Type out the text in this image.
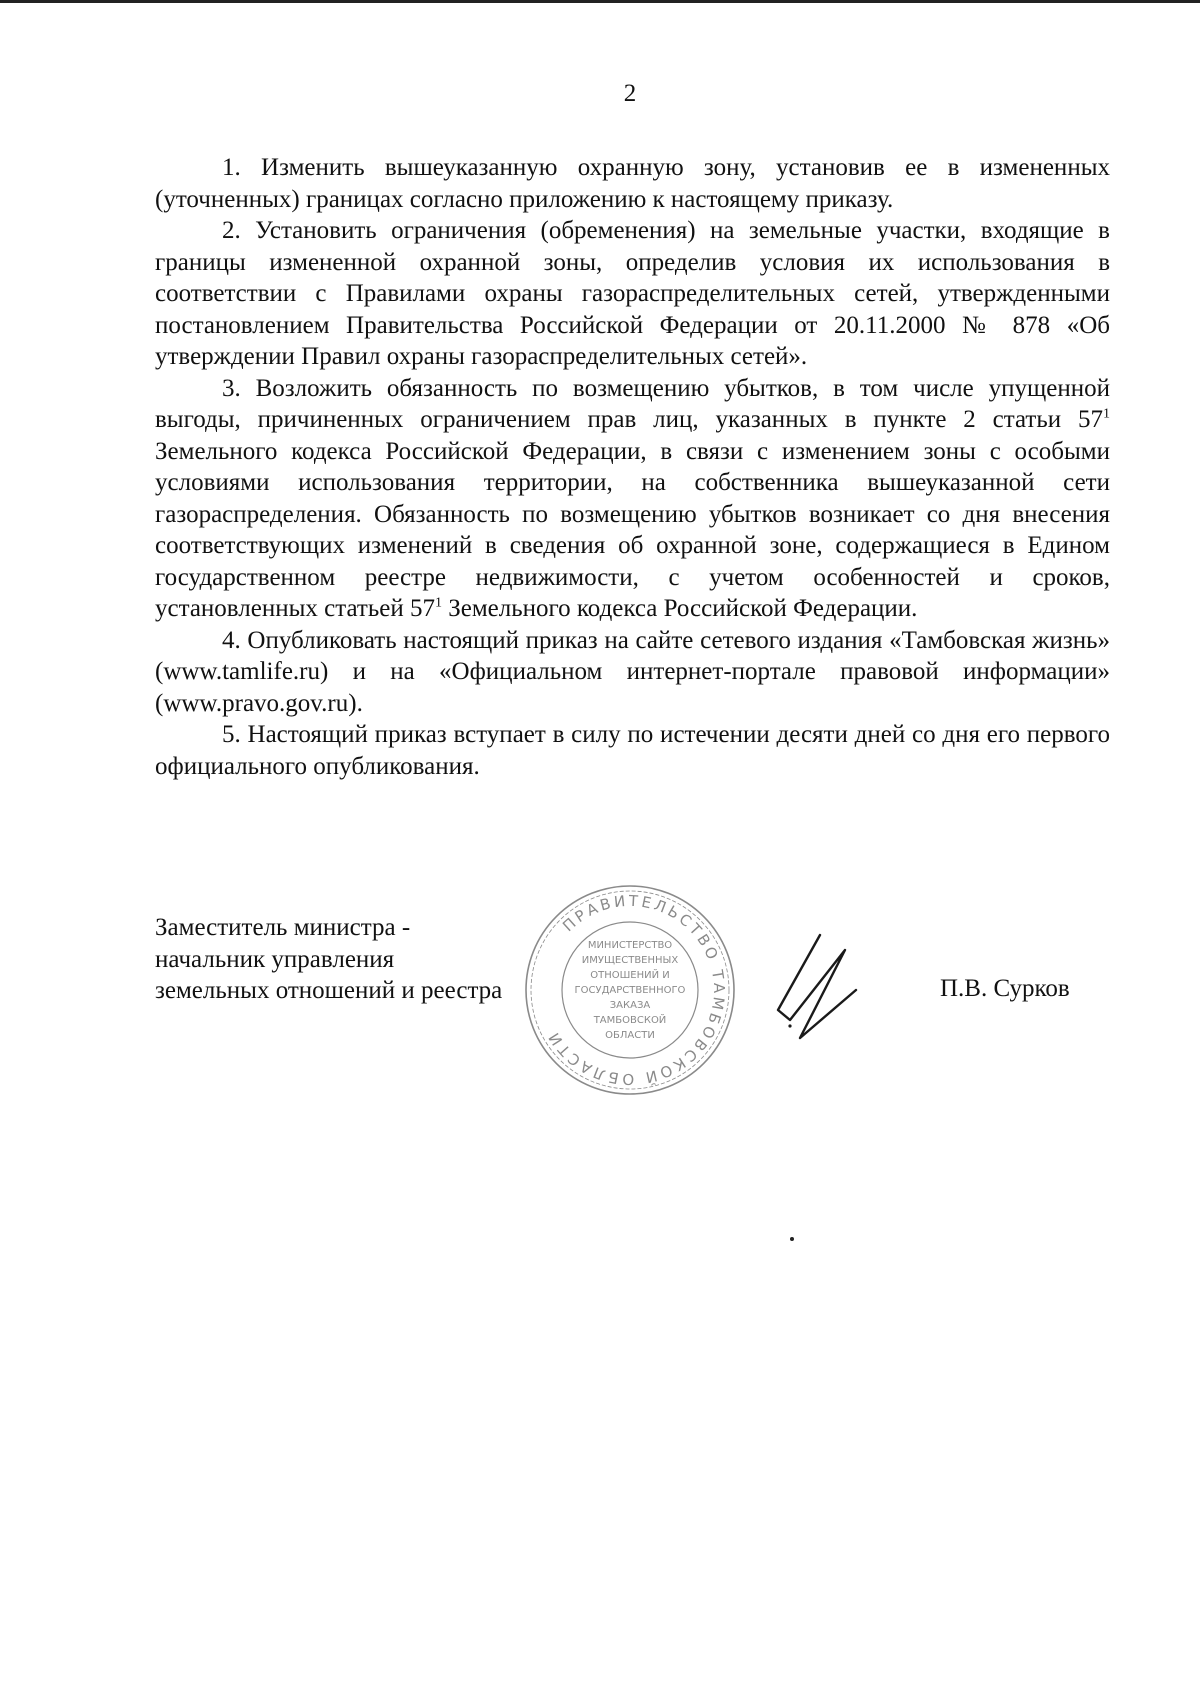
2

1. Изменить вышеуказанную охранную зону, установив ее в измененных (уточненных) границах согласно приложению к настоящему приказу.

2. Установить ограничения (обременения) на земельные участки, входящие в границы измененной охранной зоны, определив условия их использования в соответствии с Правилами охраны газораспределительных сетей, утвержденными постановлением Правительства Российской Федерации от 20.11.2000 № 878 «Об утверждении Правил охраны газораспределительных сетей».

3. Возложить обязанность по возмещению убытков, в том числе упущенной выгоды, причиненных ограничением прав лиц, указанных в пункте 2 статьи $57^1$ Земельного кодекса Российской Федерации, в связи с изменением зоны с особыми условиями использования территории, на собственника вышеуказанной сети газораспределения. Обязанность по возмещению убытков возникает со дня внесения соответствующих изменений в сведения об охранной зоне, содержащиеся в Едином государственном реестре недвижимости, с учетом особенностей и сроков, установленных статьей $57^1$ Земельного кодекса Российской Федерации.

4. Опубликовать настоящий приказ на сайте сетевого издания «Тамбовская жизнь» (www.tamlife.ru) и на «Официальном интернет-портале правовой информации» (www.pravo.gov.ru).

5. Настоящий приказ вступает в силу по истечении десяти дней со дня его первого официального опубликования.

Заместитель министра -
начальник управления
земельных отношений и реестра
ПРАВИТЕЛЬСТВО ТАМБОВСКОЙ ОБЛАСТИ
МИНИСТЕРСТВО
ИМУЩЕСТВЕННЫХ
ОТНОШЕНИЙ И
ГОСУДАРСТВЕННОГО
ЗАКАЗА
ТАМБОВСКОЙ
ОБЛАСТИ
П.В. Сурков
